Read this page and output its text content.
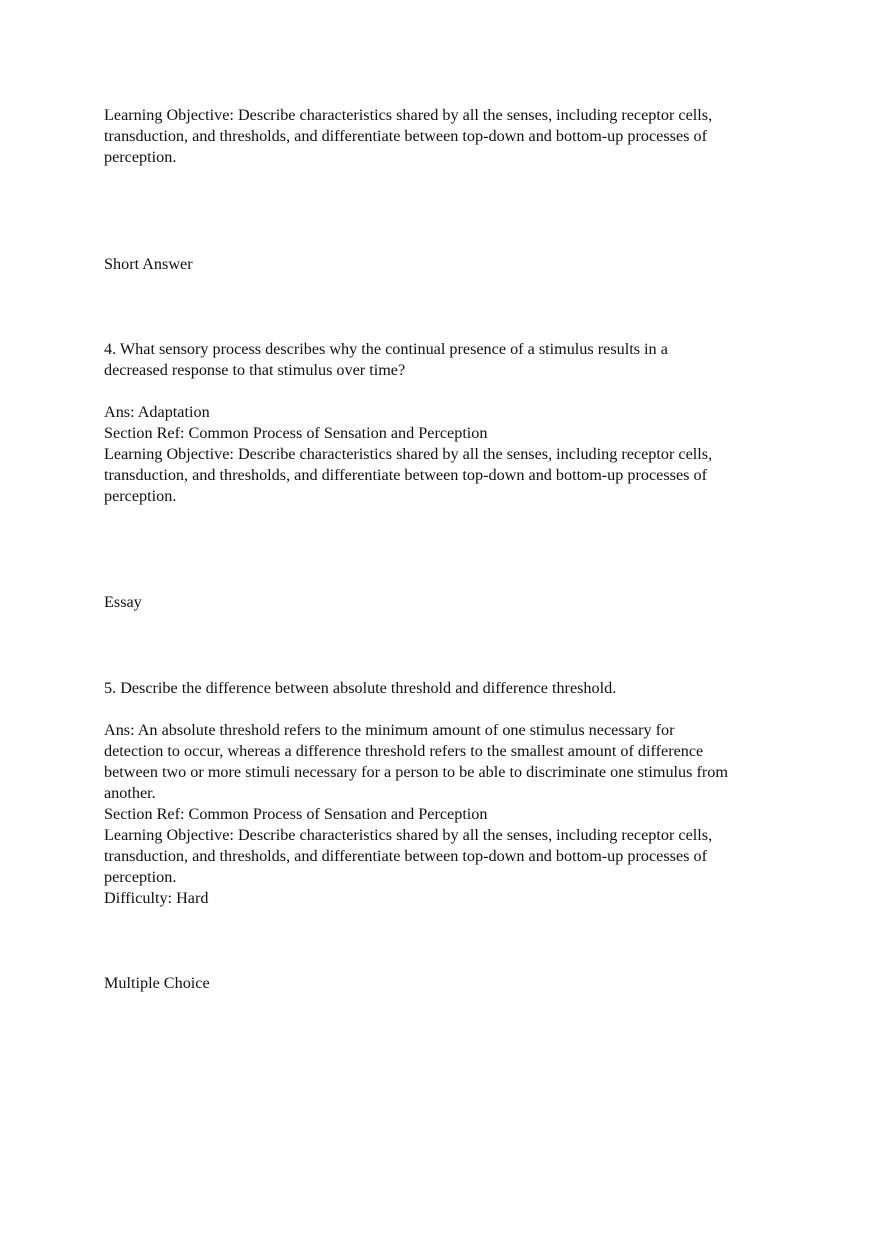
Learning Objective: Describe characteristics shared by all the senses, including receptor cells,
transduction, and thresholds, and differentiate between top-down and bottom-up processes of
perception.
Short Answer
4. What sensory process describes why the continual presence of a stimulus results in a
decreased response to that stimulus over time?
Ans: Adaptation
Section Ref: Common Process of Sensation and Perception
Learning Objective: Describe characteristics shared by all the senses, including receptor cells,
transduction, and thresholds, and differentiate between top-down and bottom-up processes of
perception.
Essay
5. Describe the difference between absolute threshold and difference threshold.
Ans: An absolute threshold refers to the minimum amount of one stimulus necessary for
detection to occur, whereas a difference threshold refers to the smallest amount of difference
between two or more stimuli necessary for a person to be able to discriminate one stimulus from
another.
Section Ref: Common Process of Sensation and Perception
Learning Objective: Describe characteristics shared by all the senses, including receptor cells,
transduction, and thresholds, and differentiate between top-down and bottom-up processes of
perception.
Difficulty: Hard
Multiple Choice
